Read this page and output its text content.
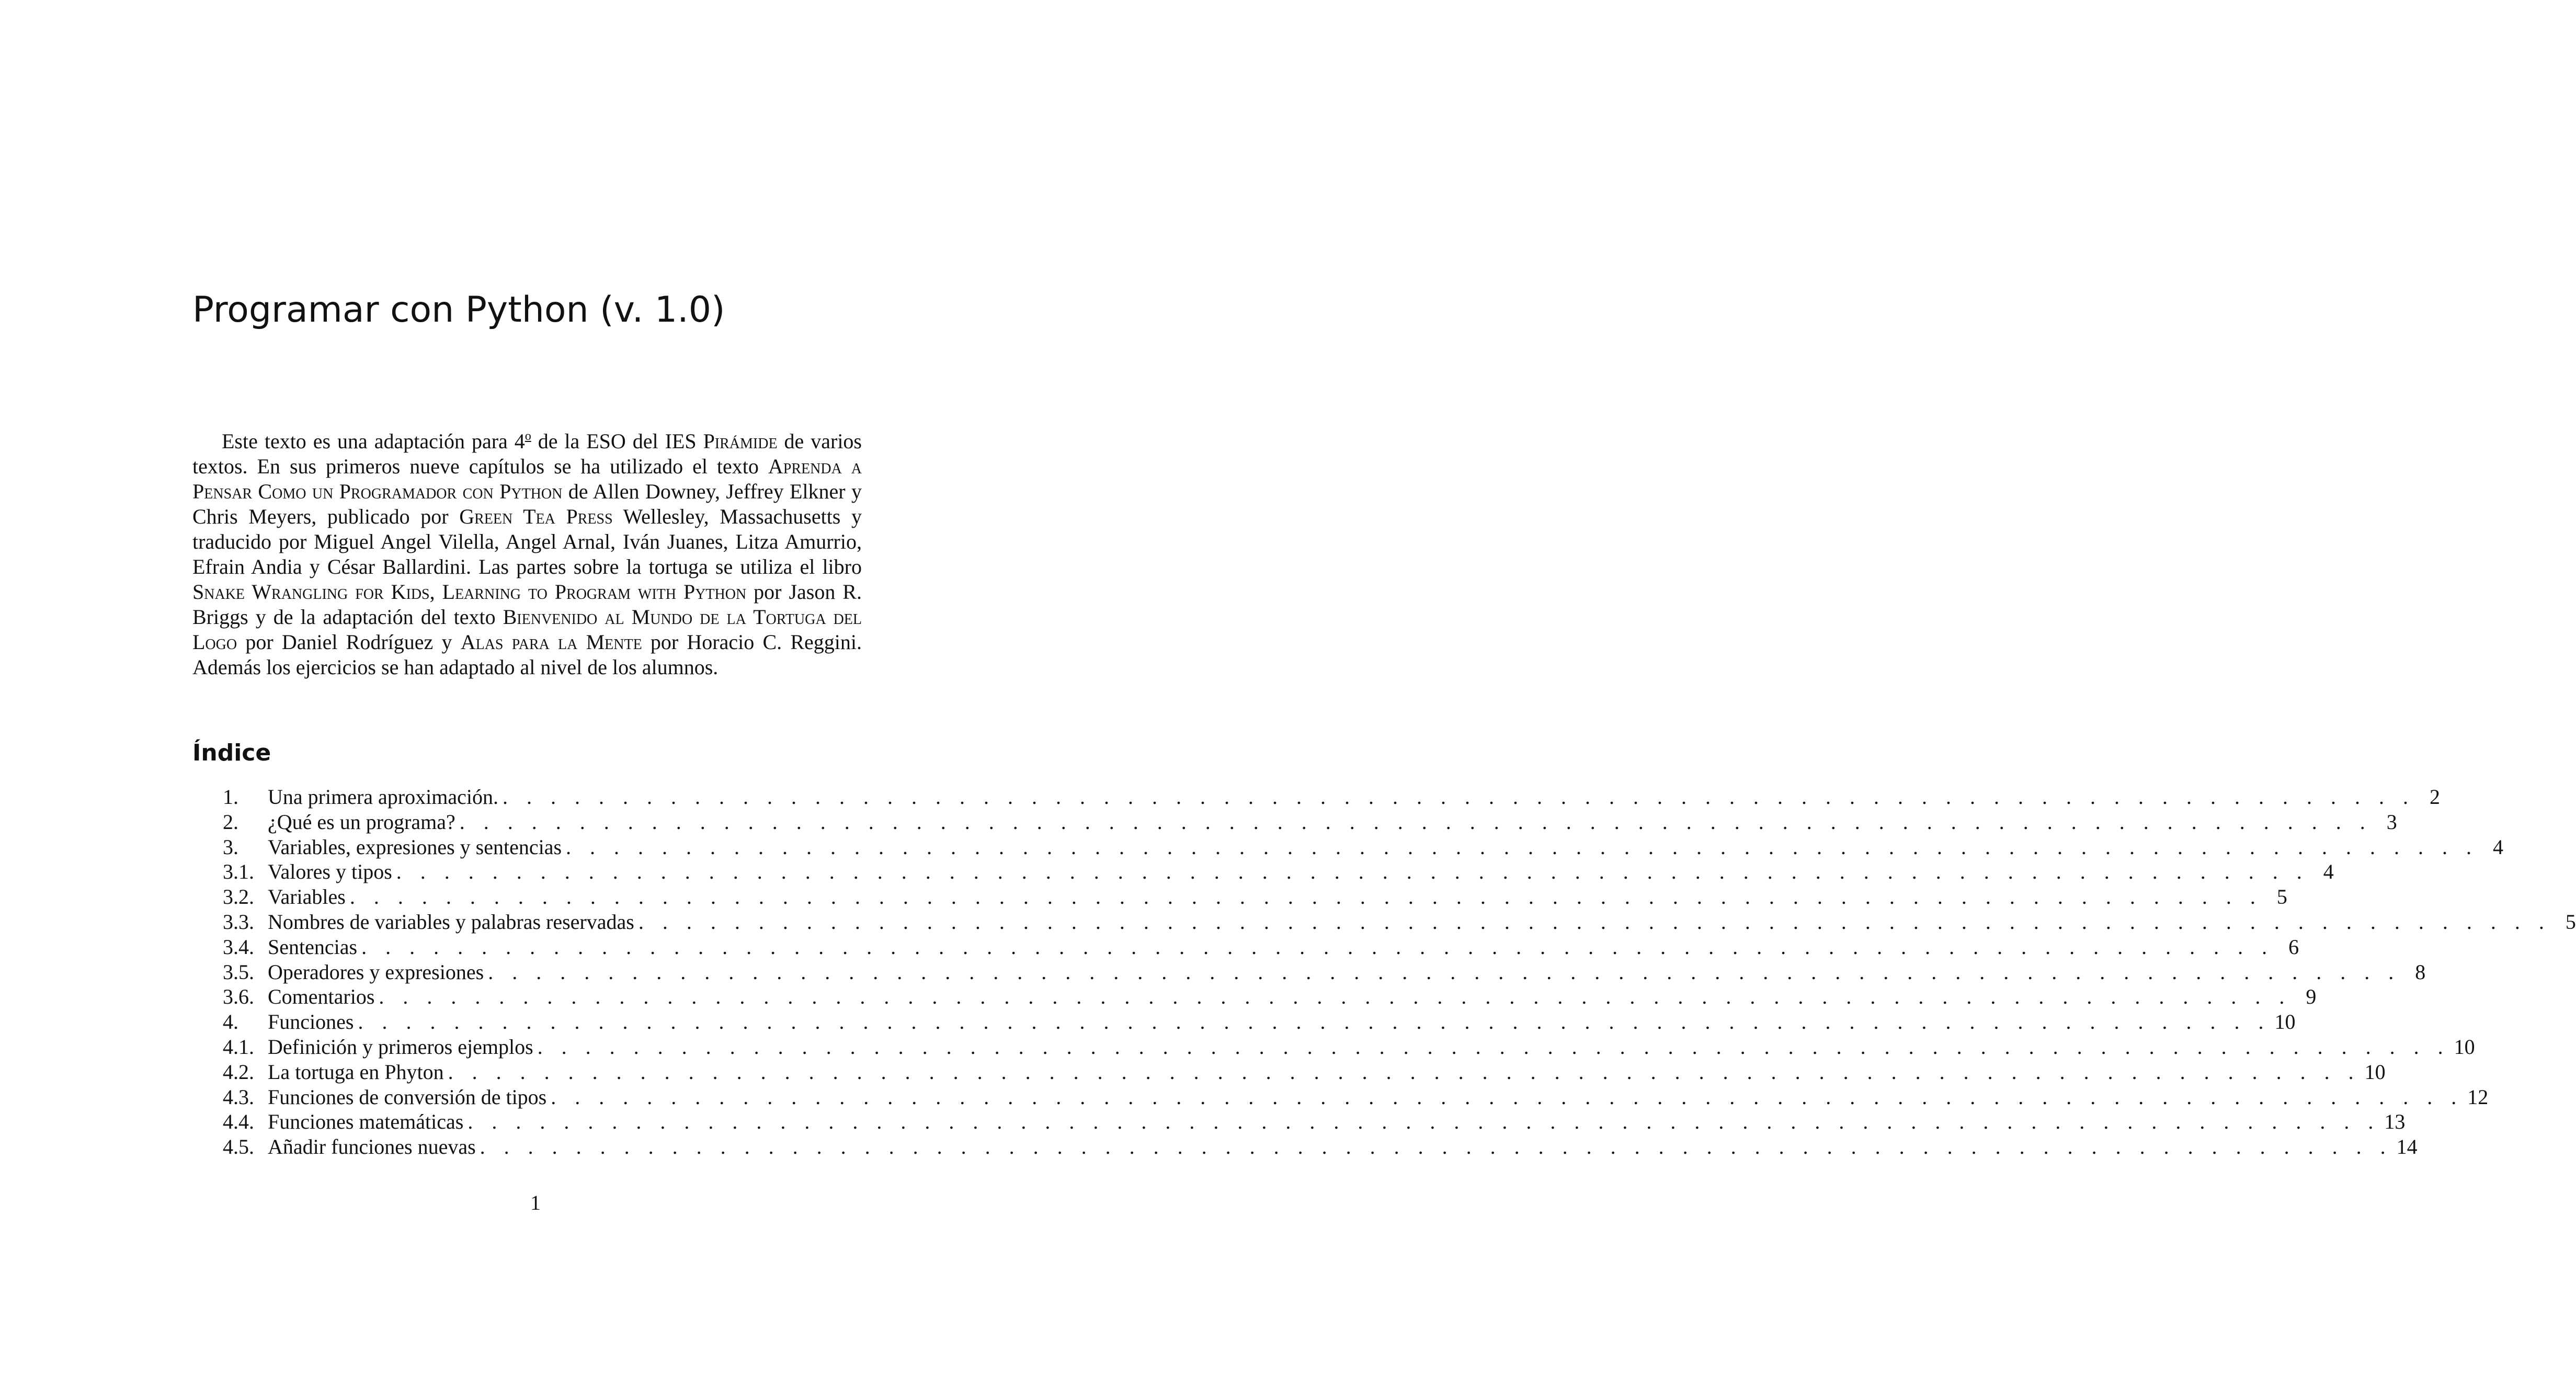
Programar con Python (v. 1.0)

Este texto es una adaptación para 4$^o$ de la ESO del IES Pirámide de varios textos. En sus primeros nueve capítulos se ha utilizado el texto Aprenda a Pensar Como un Programador con Python de Allen Downey, Jeffrey Elkner y Chris Meyers, publicado por Green Tea Press Wellesley, Massachusetts y traducido por Miguel Angel Vilella, Angel Arnal, Iván Juanes, Litza Amurrio, Efrain Andia y César Ballardini. Las partes sobre la tortuga se utiliza el libro Snake Wrangling for Kids, Learning to Program with Python por Jason R. Briggs y de la adaptación del texto Bienvenido al Mundo de la Tortuga del Logo por Daniel Rodríguez y Alas para la Mente por Horacio C. Reggini. Además los ejercicios se han adaptado al nivel de los alumnos.

Índice
1.	Una primera aproximación. . . . . . . . . . . . . . . . . . . . . . . . . . . . . . . . . . . . . . . . . . . . . . . . . . . . . . . . . . . . . . . . . . . . . . . . . . . . . . . . . 2
2.	¿Qué es un programa? . . . . . . . . . . . . . . . . . . . . . . . . . . . . . . . . . . . . . . . . . . . . . . . . . . . . . . . . . . . . . . . . . . . . . . . . . . . . . . . . 3
3.	Variables, expresiones y sentencias . . . . . . . . . . . . . . . . . . . . . . . . . . . . . . . . . . . . . . . . . . . . . . . . . . . . . . . . . . . . . . . . . . . . . . . . . . . . . . . . 4
3.1. Valores y tipos . . . . . . . . . . . . . . . . . . . . . . . . . . . . . . . . . . . . . . . . . . . . . . . . . . . . . . . . . . . . . . . . . . . . . . . . . . . . . . . . 4
3.2. Variables . . . . . . . . . . . . . . . . . . . . . . . . . . . . . . . . . . . . . . . . . . . . . . . . . . . . . . . . . . . . . . . . . . . . . . . . . . . . . . . . 5
3.3. Nombres de variables y palabras reservadas . . . . . . . . . . . . . . . . . . . . . . . . . . . . . . . . . . . . . . . . . . . . . . . . . . . . . . . . . . . . . . . . . . . . . . . . . . . . . . . . 5
3.4. Sentencias . . . . . . . . . . . . . . . . . . . . . . . . . . . . . . . . . . . . . . . . . . . . . . . . . . . . . . . . . . . . . . . . . . . . . . . . . . . . . . . . 6
3.5. Operadores y expresiones . . . . . . . . . . . . . . . . . . . . . . . . . . . . . . . . . . . . . . . . . . . . . . . . . . . . . . . . . . . . . . . . . . . . . . . . . . . . . . . . 8
3.6. Comentarios . . . . . . . . . . . . . . . . . . . . . . . . . . . . . . . . . . . . . . . . . . . . . . . . . . . . . . . . . . . . . . . . . . . . . . . . . . . . . . . . 9
4.	Funciones . . . . . . . . . . . . . . . . . . . . . . . . . . . . . . . . . . . . . . . . . . . . . . . . . . . . . . . . . . . . . . . . . . . . . . . . . . . . . . . . 10
4.1. Definición y primeros ejemplos . . . . . . . . . . . . . . . . . . . . . . . . . . . . . . . . . . . . . . . . . . . . . . . . . . . . . . . . . . . . . . . . . . . . . . . . . . . . . . . . 10
4.2. La tortuga en Phyton . . . . . . . . . . . . . . . . . . . . . . . . . . . . . . . . . . . . . . . . . . . . . . . . . . . . . . . . . . . . . . . . . . . . . . . . . . . . . . . . 10
4.3. Funciones de conversión de tipos . . . . . . . . . . . . . . . . . . . . . . . . . . . . . . . . . . . . . . . . . . . . . . . . . . . . . . . . . . . . . . . . . . . . . . . . . . . . . . . . 12
4.4. Funciones matemáticas . . . . . . . . . . . . . . . . . . . . . . . . . . . . . . . . . . . . . . . . . . . . . . . . . . . . . . . . . . . . . . . . . . . . . . . . . . . . . . . . 13
4.5. Añadir funciones nuevas . . . . . . . . . . . . . . . . . . . . . . . . . . . . . . . . . . . . . . . . . . . . . . . . . . . . . . . . . . . . . . . . . . . . . . . . . . . . . . . . 14

1
